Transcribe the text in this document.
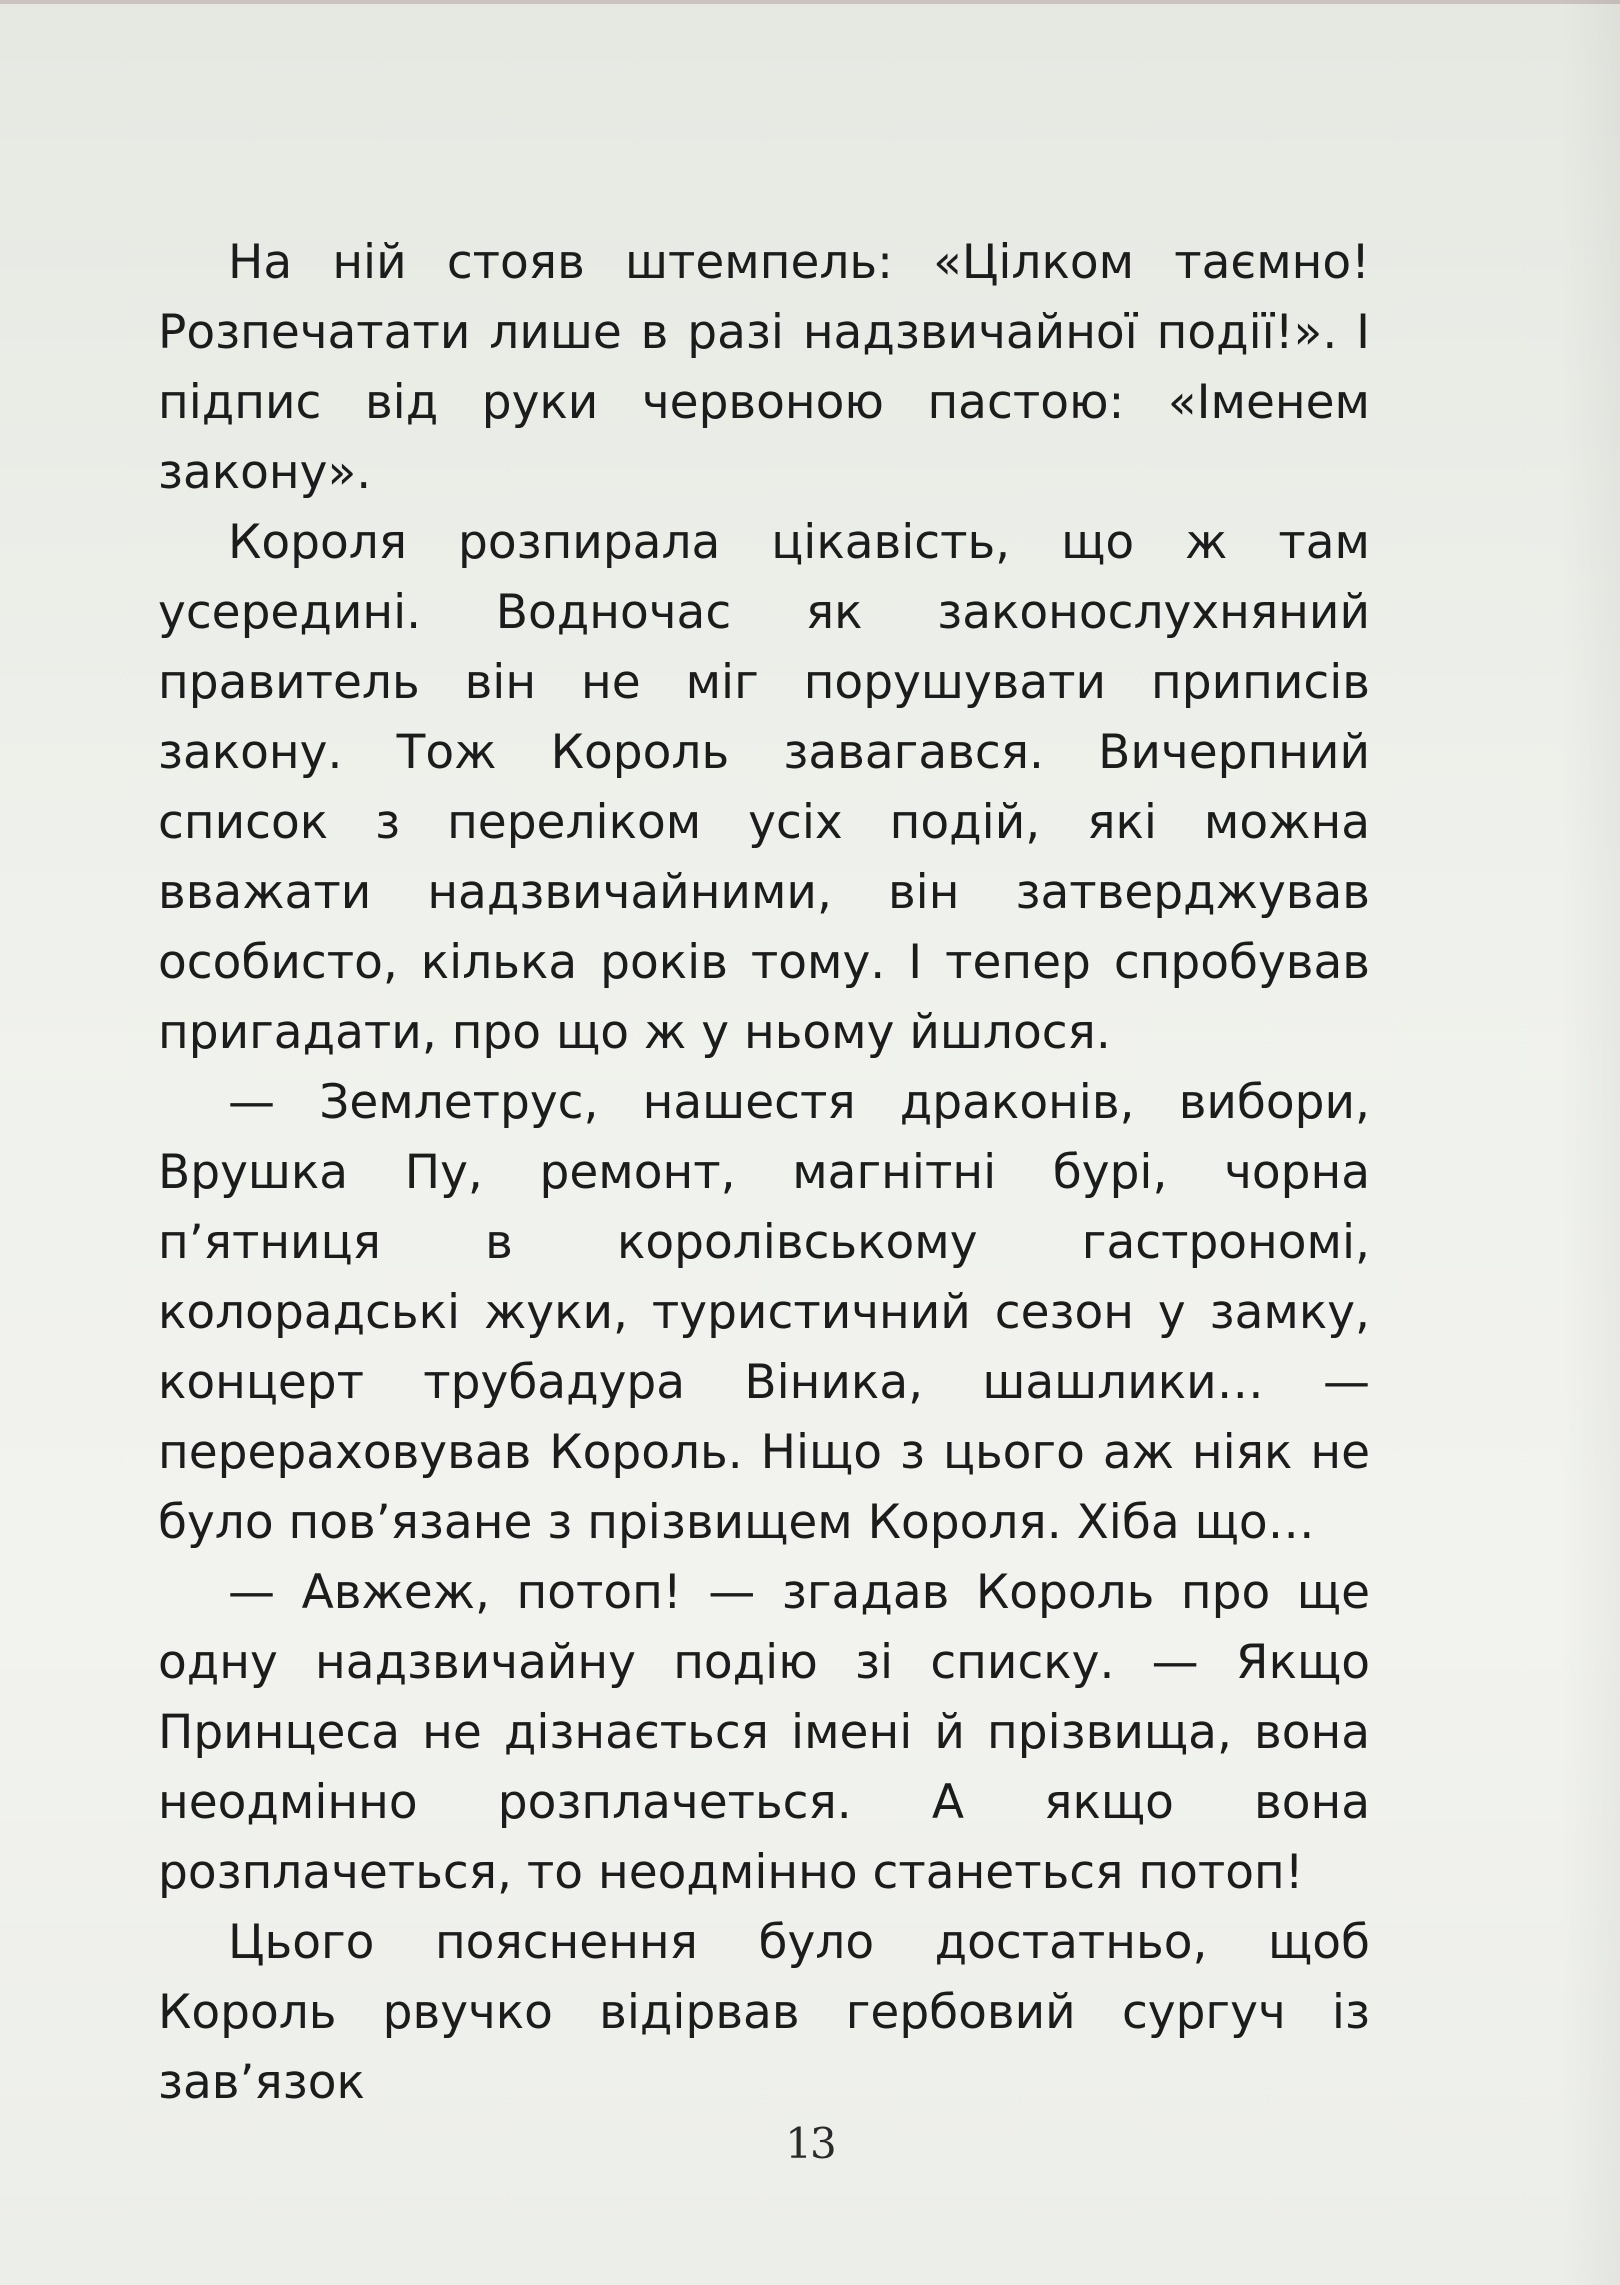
На ній стояв штемпель: «Цілком таємно! Розпечатати лише в разі надзвичайної події!». І підпис від руки червоною пастою: «Іменем закону».

Короля розпирала цікавість, що ж там усередині. Водночас як законослухняний правитель він не міг порушувати приписів закону. Тож Король завагався. Вичерпний список з переліком усіх подій, які можна вважати надзвичайними, він затверджував особисто, кілька років тому. І тепер спробував пригадати, про що ж у ньому йшлося.

— Землетрус, нашестя драконів, вибори, Врушка Пу, ремонт, магнітні бурі, чорна пʼятниця в королівському гастрономі, колорадські жуки, туристичний сезон у замку, концерт трубадура Віника, шашлики… — перераховував Король. Ніщо з цього аж ніяк не було повʼязане з прізвищем Короля. Хіба що…

— Авжеж, потоп! — згадав Король про ще одну надзвичайну подію зі списку. — Якщо Принцеса не дізнається імені й прізвища, вона неодмінно розплачеться. А якщо вона розплачеться, то неодмінно станеться потоп!

Цього пояснення було достатньо, щоб Король рвучко відірвав гербовий сургуч із завʼязок

13
